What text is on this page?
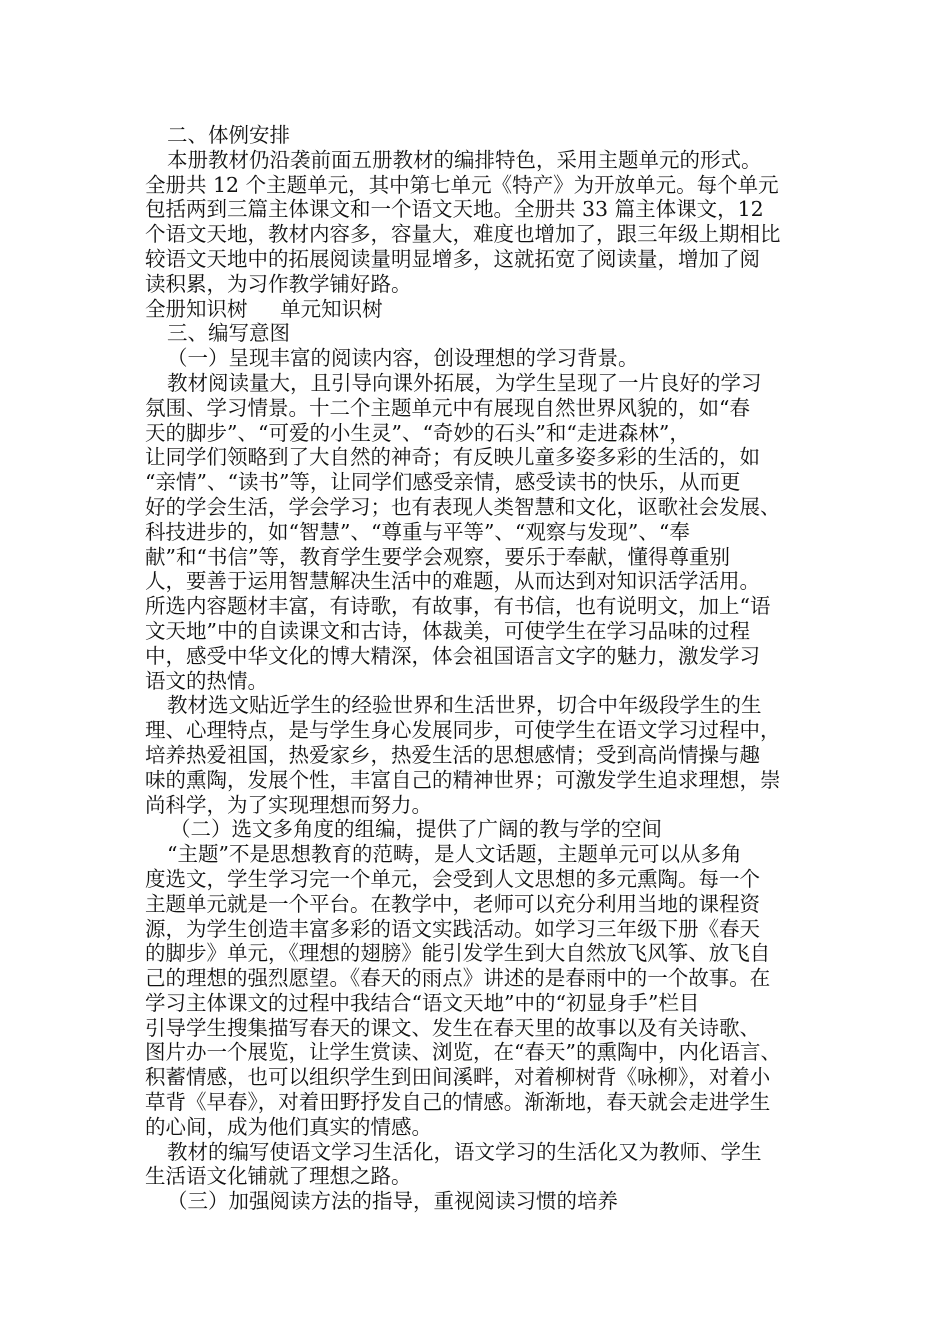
二、体例安排
本册教材仍沿袭前面五册教材的编排特色，采用主题单元的形式。
全册共 12 个主题单元，其中第七单元《特产》为开放单元。每个单元
包括两到三篇主体课文和一个语文天地。全册共 33 篇主体课文，12
个语文天地，教材内容多，容量大，难度也增加了，跟三年级上期相比
较语文天地中的拓展阅读量明显增多，这就拓宽了阅读量，增加了阅
读积累，为习作教学铺好路。
全册知识树     单元知识树
三、编写意图
（一）呈现丰富的阅读内容，创设理想的学习背景。
教材阅读量大，且引导向课外拓展，为学生呈现了一片良好的学习
氛围、学习情景。十二个主题单元中有展现自然世界风貌的，如“春
天的脚步”、“可爱的小生灵”、“奇妙的石头”和“走进森林”，
让同学们领略到了大自然的神奇；有反映儿童多姿多彩的生活的，如
“亲情”、“读书”等，让同学们感受亲情，感受读书的快乐，从而更
好的学会生活，学会学习；也有表现人类智慧和文化，讴歌社会发展、
科技进步的，如“智慧”、“尊重与平等”、“观察与发现”、“奉
献”和“书信”等，教育学生要学会观察，要乐于奉献，懂得尊重别
人，要善于运用智慧解决生活中的难题，从而达到对知识活学活用。
所选内容题材丰富，有诗歌，有故事，有书信，也有说明文，加上“语
文天地”中的自读课文和古诗，体裁美，可使学生在学习品味的过程
中，感受中华文化的博大精深，体会祖国语言文字的魅力，激发学习
语文的热情。
教材选文贴近学生的经验世界和生活世界，切合中年级段学生的生
理、心理特点，是与学生身心发展同步，可使学生在语文学习过程中，
培养热爱祖国，热爱家乡，热爱生活的思想感情；受到高尚情操与趣
味的熏陶，发展个性，丰富自己的精神世界；可激发学生追求理想，崇
尚科学，为了实现理想而努力。
（二）选文多角度的组编，提供了广阔的教与学的空间
“主题”不是思想教育的范畴，是人文话题，主题单元可以从多角
度选文，学生学习完一个单元，会受到人文思想的多元熏陶。每一个
主题单元就是一个平台。在教学中，老师可以充分利用当地的课程资
源，为学生创造丰富多彩的语文实践活动。如学习三年级下册《春天
的脚步》单元，《理想的翅膀》能引发学生到大自然放飞风筝、放飞自
己的理想的强烈愿望。《春天的雨点》讲述的是春雨中的一个故事。在
学习主体课文的过程中我结合“语文天地”中的“初显身手”栏目
引导学生搜集描写春天的课文、发生在春天里的故事以及有关诗歌、
图片办一个展览，让学生赏读、浏览，在“春天”的熏陶中，内化语言、
积蓄情感，也可以组织学生到田间溪畔，对着柳树背《咏柳》，对着小
草背《早春》，对着田野抒发自己的情感。渐渐地，春天就会走进学生
的心间，成为他们真实的情感。
教材的编写使语文学习生活化，语文学习的生活化又为教师、学生
生活语文化铺就了理想之路。
（三）加强阅读方法的指导，重视阅读习惯的培养
